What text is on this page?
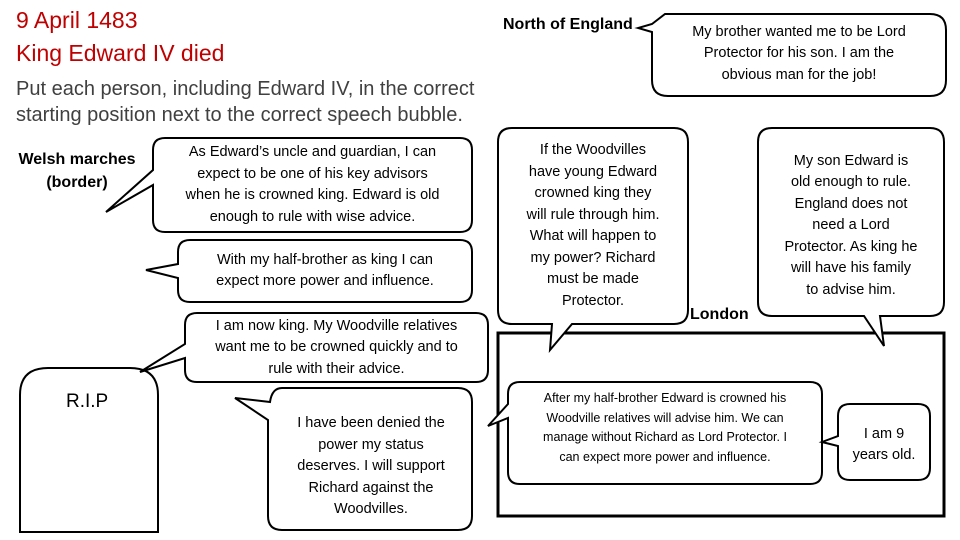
9 April 1483
King Edward IV died
Put each person, including Edward IV, in the correct
starting position next to the correct speech bubble.
North of England
Welsh marches
(border)
London
R.I.P
My brother wanted me to be Lord
Protector for his son. I am the
obvious man for the job!
As Edward’s uncle and guardian, I can
expect to be one of his key advisors
when he is crowned king. Edward is old
enough to rule with wise advice.
With my half-brother as king I can
expect more power and influence.
I am now king. My Woodville relatives
want me to be crowned quickly and to
rule with their advice.
If the Woodvilles
have young Edward
crowned king they
will rule through him.
What will happen to
my power? Richard
must be made
Protector.
My son Edward is
old enough to rule.
England does not
need a Lord
Protector. As king he
will have his family
to advise him.
I have been denied the
power my status
deserves. I will support
Richard against the
Woodvilles.
After my half-brother Edward is crowned his
Woodville relatives will advise him. We can
manage without Richard as Lord Protector. I
can expect more power and influence.
I am 9
years old.
